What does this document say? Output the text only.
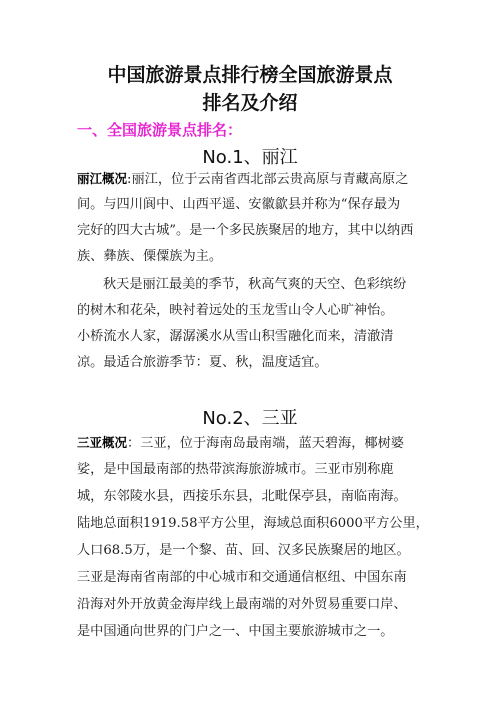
中国旅游景点排行榜全国旅游景点
排名及介绍
一、全国旅游景点排名：
No.1、丽江
丽江概况:丽江，位于云南省西北部云贵高原与青藏高原之
间。与四川阆中、山西平遥、安徽歙县并称为“保存最为
完好的四大古城”。是一个多民族聚居的地方，其中以纳西
族、彝族、傈僳族为主。
秋天是丽江最美的季节，秋高气爽的天空、色彩缤纷
的树木和花朵，映衬着远处的玉龙雪山令人心旷神怡。
小桥流水人家，潺潺溪水从雪山积雪融化而来，清澈清
凉。最适合旅游季节：夏、秋，温度适宜。
No.2、三亚
三亚概况：三亚，位于海南岛最南端，蓝天碧海，椰树婆
娑，是中国最南部的热带滨海旅游城市。三亚市别称鹿
城，东邻陵水县，西接乐东县，北毗保亭县，南临南海。
陆地总面积1919.58平方公里，海域总面积6000平方公里，
人口68.5万，是一个黎、苗、回、汉多民族聚居的地区。
三亚是海南省南部的中心城市和交通通信枢纽、中国东南
沿海对外开放黄金海岸线上最南端的对外贸易重要口岸、
是中国通向世界的门户之一、中国主要旅游城市之一。
